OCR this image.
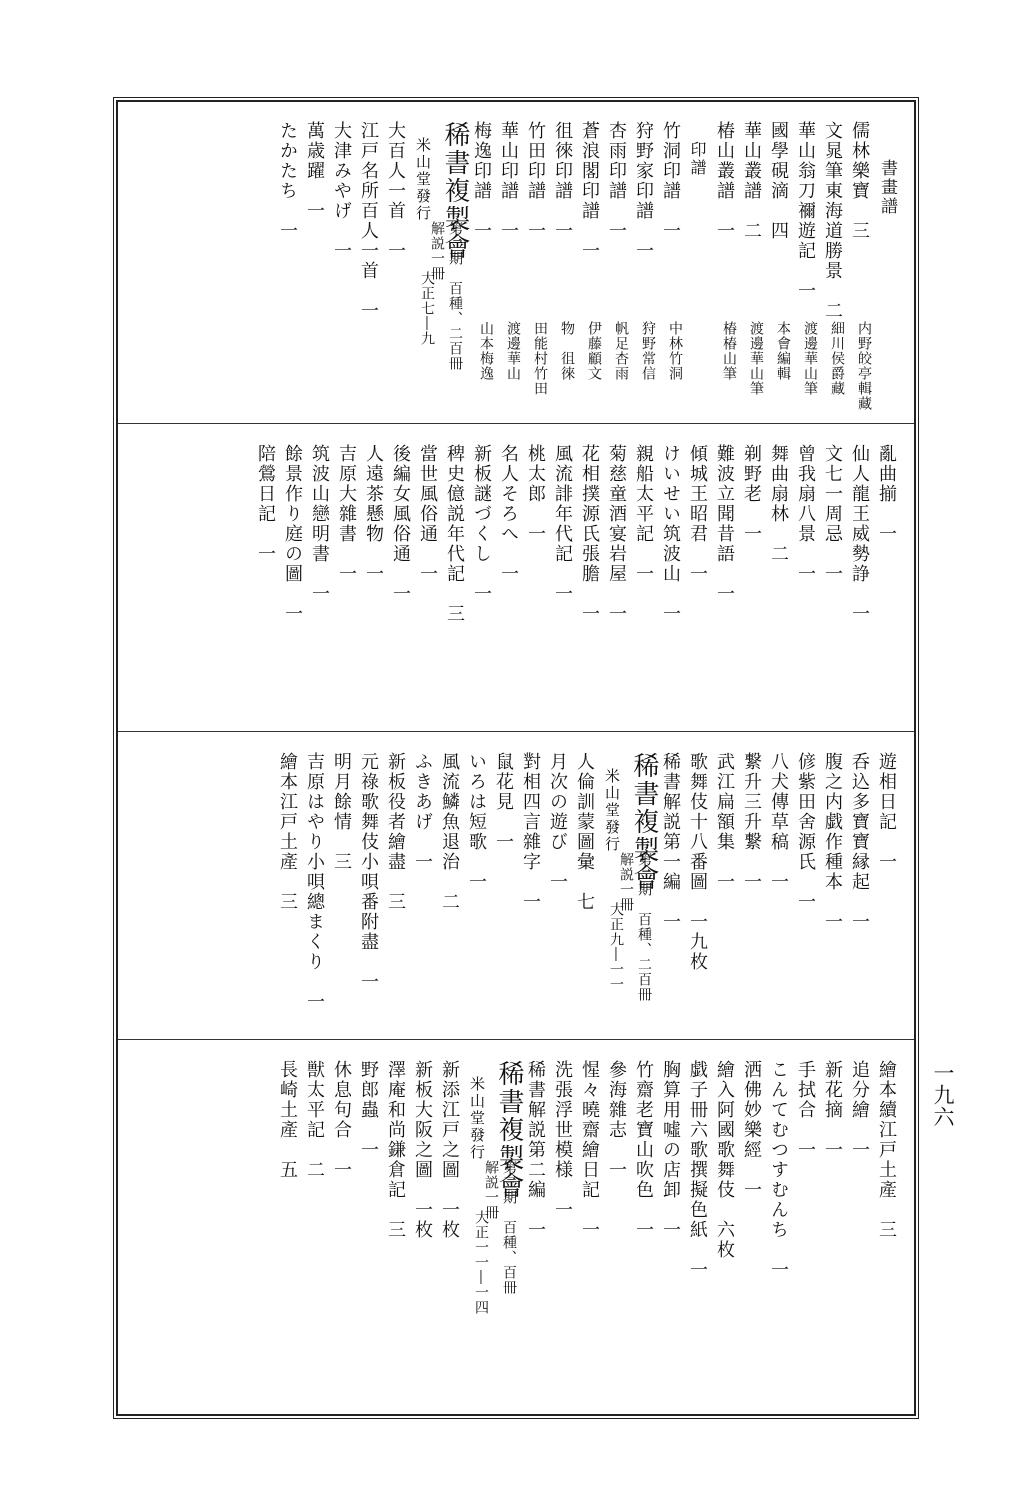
一九六
書畫譜
儒林樂寶　三
内野皎亭輯藏
文晁筆東海道勝景　二
細川侯爵藏
華山翁刀禰遊記　一
渡邊華山筆
國學硯滴　四
本會編輯
華山叢譜　二
渡邊華山筆
椿山叢譜　一
椿椿山筆
印譜
竹洞印譜　一
中林竹洞
狩野家印譜　一
狩野常信
杏雨印譜　一
帆足杏雨
蒼浪閣印譜　一
伊藤顧文
徂徠印譜　一
物　徂徠
竹田印譜　一
田能村竹田
華山印譜　一
渡邊華山
梅逸印譜　一
山本梅逸
稀書複製會
第一期　百種、二百冊
解説一冊
米山堂發行
大正七―九
大百人一首　一
江戸名所百人一首　一
大津みやげ　一
萬歳躍　一
たかたち　一
亂曲揃　一
仙人龍王威勢諍　一
文七一周忌　一
曾我扇八景　一
舞曲扇林　二
剃野老　一
難波立聞昔語　一
傾城王昭君　一
けいせい筑波山　一
親船太平記　一
菊慈童酒宴岩屋　一
花相撲源氏張膽　一
風流誹年代記　一
桃太郎　一
名人そろへ　一
新板謎づくし　一
稗史億説年代記　三
當世風俗通　一
後編女風俗通　一
人遠茶懸物　一
吉原大雜書　一
筑波山戀明書　一
餘景作り庭の圖　一
陪鶯日記　一
遊相日記　一
呑込多寶寶縁起　一
腹之内戯作種本　一
偐紫田舍源氏　一
八犬傳草稿　一
繋升三升繋　一
武江扁額集　一
歌舞伎十八番圖　一九枚
稀書解説第一編　一
稀書複製會
第二期　百種、二百冊
解説一冊
米山堂發行
大正九―一一
人倫訓蒙圖彙　七
月次の遊び　一
對相四言雜字　一
鼠花見　一
いろは短歌　一
風流鱗魚退治　二
ふきあげ　一
新板役者繪盡　三
元祿歌舞伎小唄番附盡　一
明月餘情　三
吉原はやり小唄總まくり　一
繪本江戸土產　三
繪本續江戸土產　三
追分繪　一
新花摘　一
手拭合　一
こんてむつすむんち　一
洒佛妙樂經　一
繪入阿國歌舞伎　六枚
戯子冊六歌撰擬色紙　一
胸算用噓の店卸　一
竹齋老寶山吹色　一
參海雜志　一
惺々曉齋繪日記　一
洗張浮世模様　一
稀書解説第二編　一
稀書複製會
第三期　百種、百冊
解説一冊
米山堂發行
大正一一―一四
新添江戸之圖　一枚
新板大阪之圖　一枚
澤庵和尚鎌倉記　三
野郎蟲　一
休息句合　一
獣太平記　二
長崎土產　五
